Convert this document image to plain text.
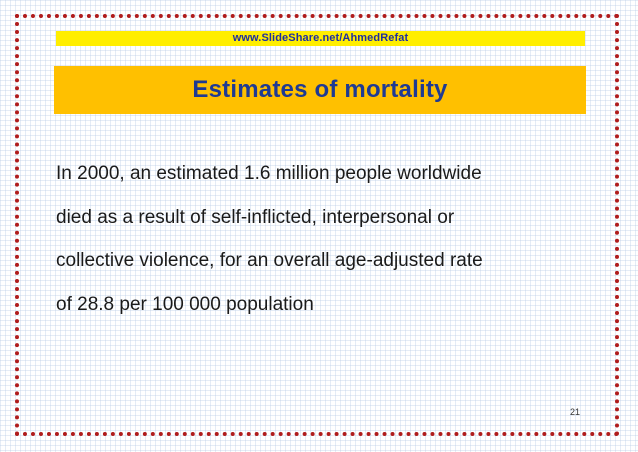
www.SlideShare.net/AhmedRefat
Estimates of mortality
In 2000, an estimated 1.6 million people worldwide
died as a result of self-inflicted, interpersonal or
collective violence, for an overall age-adjusted rate
of 28.8 per 100 000 population
21
